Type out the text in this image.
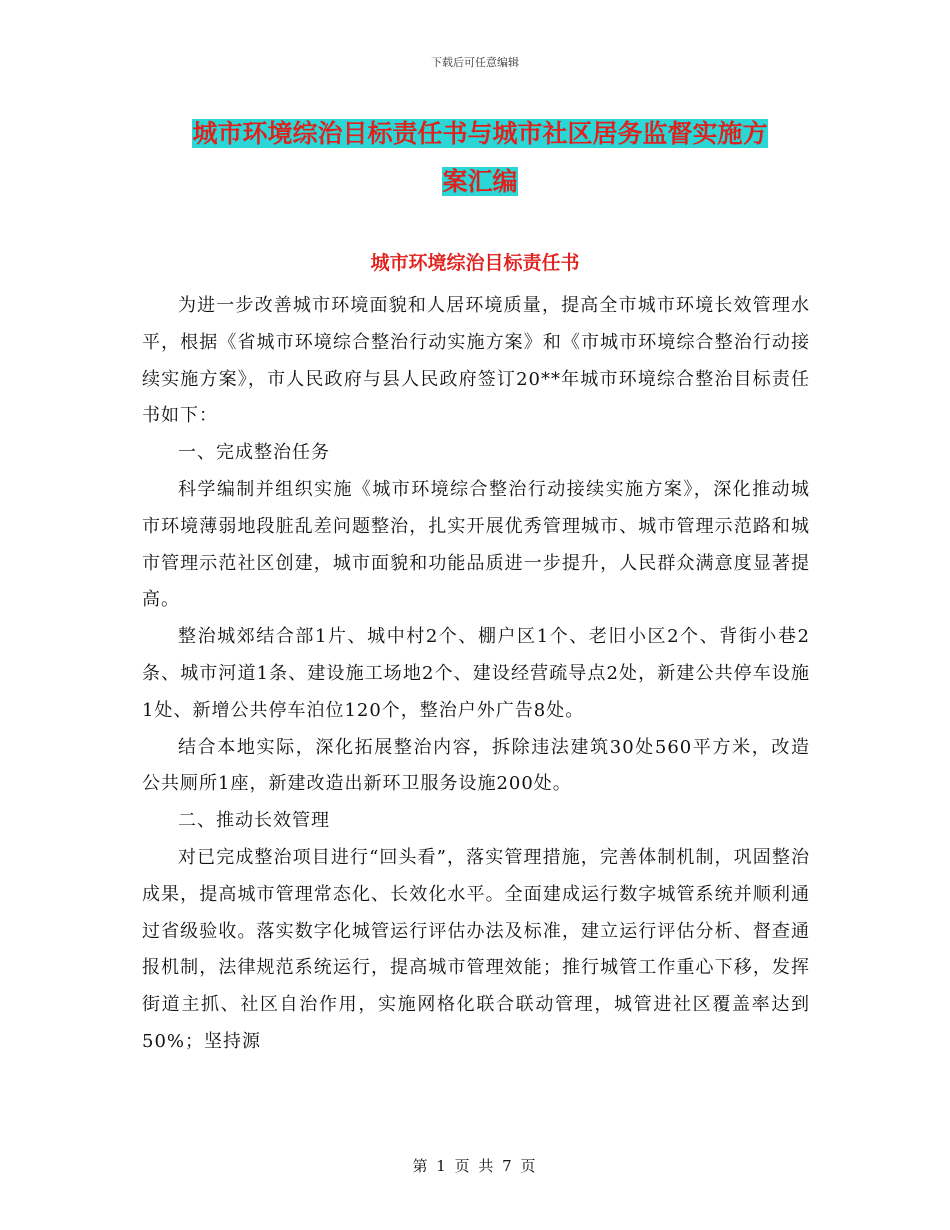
下载后可任意编辑
城市环境综治目标责任书与城市社区居务监督实施方
案汇编
城市环境综治目标责任书

为进一步改善城市环境面貌和人居环境质量，提高全市城市环境长效管理水平，根据《省城市环境综合整治行动实施方案》和《市城市环境综合整治行动接续实施方案》，市人民政府与县人民政府签订20**年城市环境综合整治目标责任书如下：

一、完成整治任务

科学编制并组织实施《城市环境综合整治行动接续实施方案》，深化推动城市环境薄弱地段脏乱差问题整治，扎实开展优秀管理城市、城市管理示范路和城市管理示范社区创建，城市面貌和功能品质进一步提升，人民群众满意度显著提高。

整治城郊结合部1片、城中村2个、棚户区1个、老旧小区2个、背街小巷2条、城市河道1条、建设施工场地2个、建设经营疏导点2处，新建公共停车设施1处、新增公共停车泊位120个，整治户外广告8处。

结合本地实际，深化拓展整治内容，拆除违法建筑30处560平方米，改造公共厕所1座，新建改造出新环卫服务设施200处。

二、推动长效管理

对已完成整治项目进行“回头看”，落实管理措施，完善体制机制，巩固整治成果，提高城市管理常态化、长效化水平。全面建成运行数字城管系统并顺利通过省级验收。落实数字化城管运行评估办法及标准，建立运行评估分析、督查通报机制，法律规范系统运行，提高城市管理效能；推行城管工作重心下移，发挥街道主抓、社区自治作用，实施网格化联合联动管理，城管进社区覆盖率达到50%；坚持源

第 1 页 共 7 页
